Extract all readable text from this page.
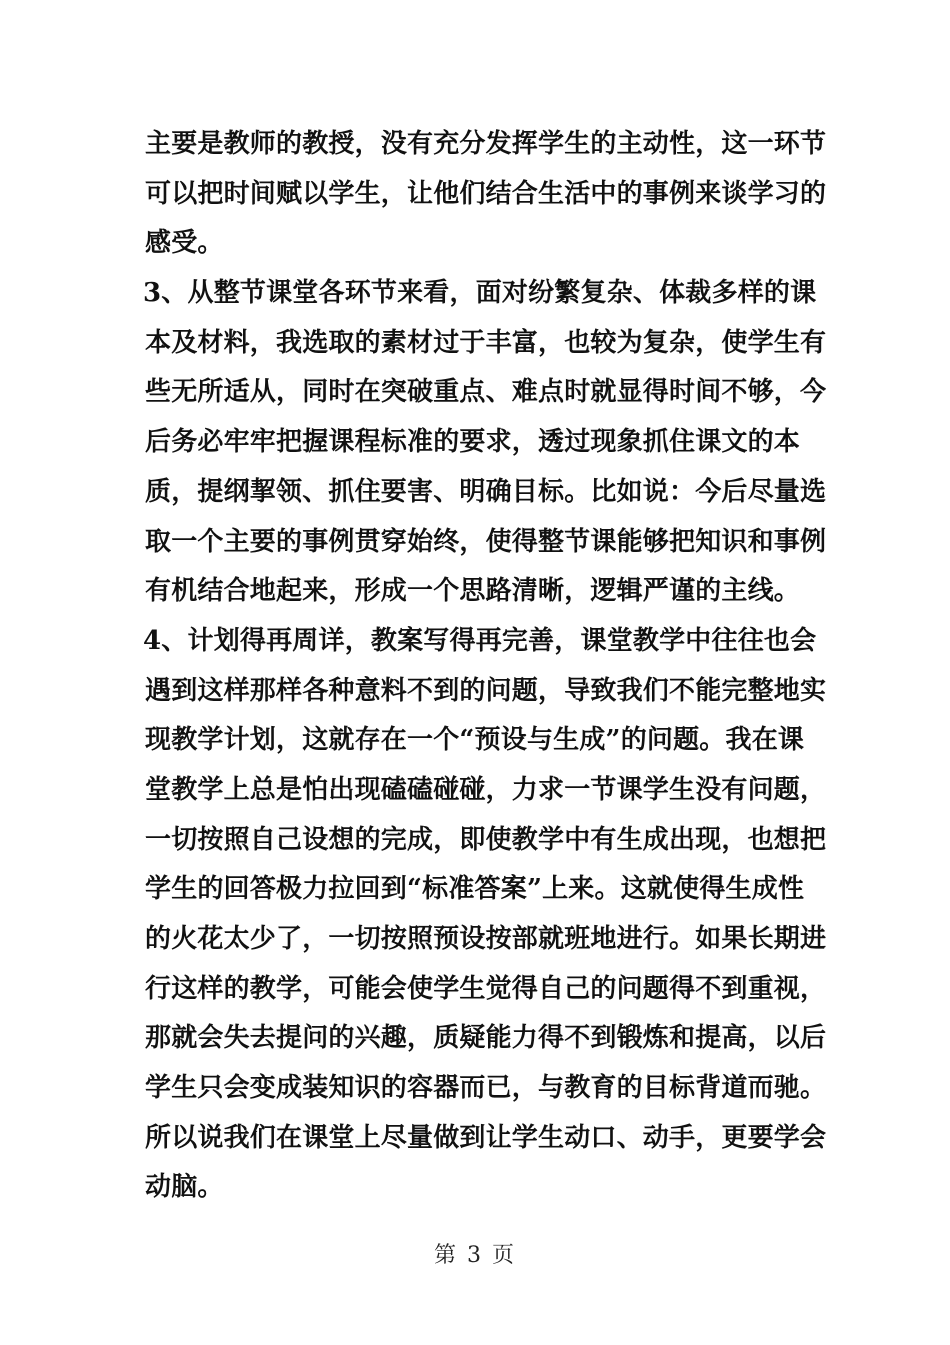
主要是教师的教授，没有充分发挥学生的主动性，这一环节
可以把时间赋以学生，让他们结合生活中的事例来谈学习的
感受。
3、从整节课堂各环节来看，面对纷繁复杂、体裁多样的课
本及材料，我选取的素材过于丰富，也较为复杂，使学生有
些无所适从，同时在突破重点、难点时就显得时间不够，今
后务必牢牢把握课程标准的要求，透过现象抓住课文的本
质，提纲挈领、抓住要害、明确目标。比如说：今后尽量选
取一个主要的事例贯穿始终，使得整节课能够把知识和事例
有机结合地起来，形成一个思路清晰，逻辑严谨的主线。
4、计划得再周详，教案写得再完善，课堂教学中往往也会
遇到这样那样各种意料不到的问题，导致我们不能完整地实
现教学计划，这就存在一个“预设与生成”的问题。我在课
堂教学上总是怕出现磕磕碰碰，力求一节课学生没有问题，
一切按照自己设想的完成，即使教学中有生成出现，也想把
学生的回答极力拉回到“标准答案”上来。这就使得生成性
的火花太少了，一切按照预设按部就班地进行。如果长期进
行这样的教学，可能会使学生觉得自己的问题得不到重视，
那就会失去提问的兴趣，质疑能力得不到锻炼和提高，以后
学生只会变成装知识的容器而已，与教育的目标背道而驰。
所以说我们在课堂上尽量做到让学生动口、动手，更要学会
动脑。
第 3 页
